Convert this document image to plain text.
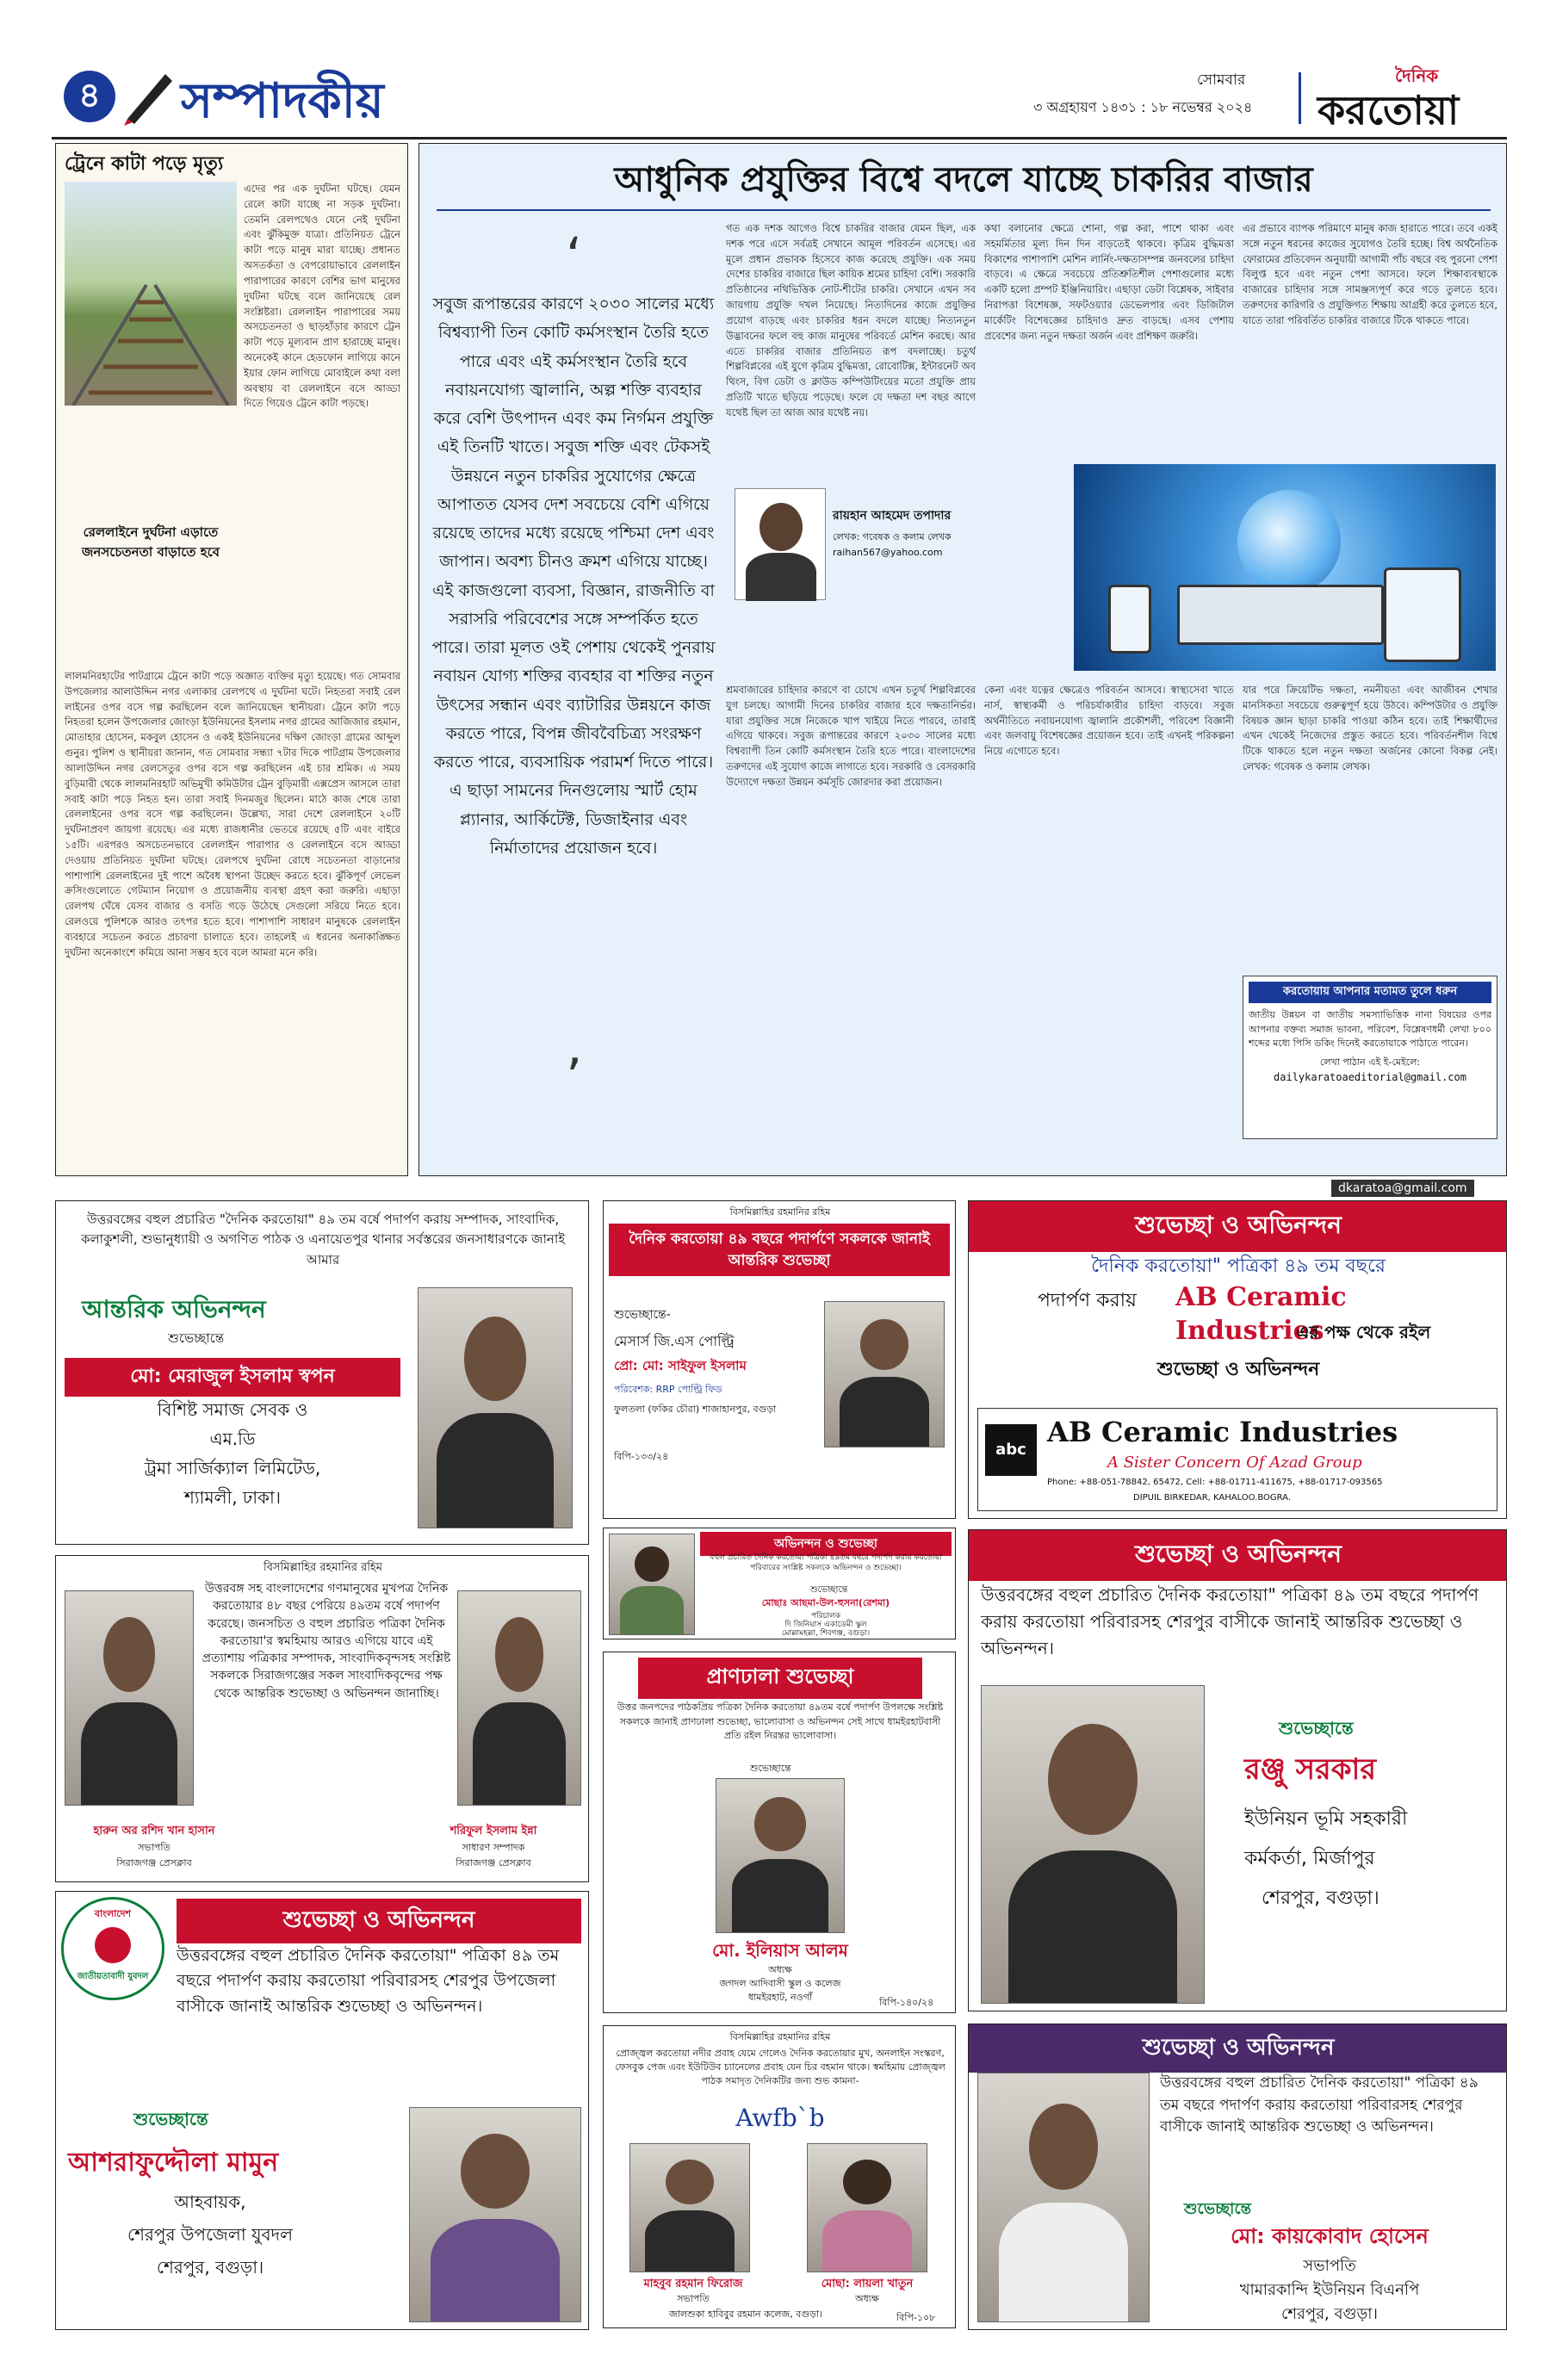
৪	সম্পাদকীয়	সোমবার
৩ অগ্রহায়ণ ১৪৩১ : ১৮ নভেম্বর ২০২৪
দৈনিক
করতোয়া
ট্রেনে কাটা পড়ে মৃত্যু
এদের পর এক দুর্ঘটনা ঘটছে। যেমন রেলে কাটা যাচ্ছে না সড়ক দুর্ঘটনা। তেমনি রেলপথেও যেনে নেই দুর্ঘটনা এবং ঝুঁকিমুক্ত যাত্রা। প্রতিনিয়ত ট্রেনে কাটা পড়ে মানুষ মারা যাচ্ছে। প্রধানত অসতর্কতা ও বেপরোয়াভাবে রেললাইন পারাপারের কারণে বেশির ভাগ মানুষের দুর্ঘটনা ঘটছে বলে জানিয়েছে রেল সংশ্লিষ্টরা। রেললাইন পারাপারের সময় অসচেতনতা ও ছাড়হাঁড়ার কারণে ট্রেন কাটা পড়ে মূল্যবান প্রাণ হারাচ্ছে মানুষ। অনেকেই কানে হেডফোন লাগিয়ে কানে ইয়ার ফোন লাগিয়ে মোবাইলে কথা বলা অবস্থায় বা রেললাইনে বসে আড্ডা দিতে গিয়েও ট্রেনে কাটা পড়ছে।
রেললাইনে দুর্ঘটনা এড়াতে জনসচেতনতা বাড়াতে হবে
লালমনিরহাটের পাটগ্রামে ট্রেনে কাটা পড়ে অজ্ঞাত ব্যক্তির মৃত্যু হয়েছে। গত সোমবার উপজেলার আলাউদ্দিন নগর এলাকার রেলপথে এ দুর্ঘটনা ঘটে। নিহতরা সবাই রেল লাইনের ওপর বসে গল্প করছিলেন বলে জানিয়েছেন স্থানীয়রা। ট্রেনে কাটা পড়ে নিহতরা হলেন উপজেলার জোংড়া ইউনিয়নের ইসলাম নগর গ্রামের আজিজার রহমান, মোতাহার হোসেন, মকবুল হোসেন ও একই ইউনিয়নের দক্ষিণ জোংড়া গ্রামের আব্দুল গুনুর। পুলিশ ও স্থানীয়রা জানান, গত সোমবার সন্ধ্যা ৭টার দিকে পাটগ্রাম উপজেলার আলাউদ্দিন নগর রেলসেতুর ওপর বসে গল্প করছিলেন এই চার শ্রমিক। এ সময় বুড়িমারী থেকে লালমনিরহাট অভিমুখী কমিউটার ট্রেন বুড়িমারী এক্সপ্রেস আসলে তারা সবাই কাটা পড়ে নিহত হন। তারা সবাই দিনমজুর ছিলেন। মাঠে কাজ শেষে তারা রেললাইনের ওপর বসে গল্প করছিলেন। উল্লেখ্য, সারা দেশে রেললাইনে ২০টি দুর্ঘটনাপ্রবণ জায়গা রয়েছে। এর মধ্যে রাজধানীর ভেতরে রয়েছে ৫টি এবং বাইরে ১৫টি। এরপরও অসচেতনভাবে রেললাইন পারাপার ও রেললাইনে বসে আড্ডা দেওয়ায় প্রতিনিয়ত দুর্ঘটনা ঘটছে। রেলপথে দুর্ঘটনা রোধে সচেতনতা বাড়ানোর পাশাপাশি রেললাইনের দুই পাশে অবৈধ স্থাপনা উচ্ছেদ করতে হবে। ঝুঁকিপূর্ণ লেভেল ক্রসিংগুলোতে গেটম্যান নিয়োগ ও প্রয়োজনীয় ব্যবস্থা গ্রহণ করা জরুরি। এছাড়া রেলপথ ঘেঁষে যেসব বাজার ও বসতি গড়ে উঠেছে সেগুলো সরিয়ে নিতে হবে। রেলওয়ে পুলিশকে আরও তৎপর হতে হবে। পাশাপাশি সাধারণ মানুষকে রেললাইন ব্যবহারে সচেতন করতে প্রচারণা চালাতে হবে। তাহলেই এ ধরনের অনাকাঙ্ক্ষিত দুর্ঘটনা অনেকাংশে কমিয়ে আনা সম্ভব হবে বলে আমরা মনে করি।
আধুনিক প্রযুক্তির বিশ্বে বদলে যাচ্ছে চাকরির বাজার
‘
সবুজ রূপান্তরের কারণে ২০৩০ সালের মধ্যে বিশ্বব্যাপী তিন কোটি কর্মসংস্থান তৈরি হতে পারে এবং এই কর্মসংস্থান তৈরি হবে নবায়নযোগ্য জ্বালানি, অল্প শক্তি ব্যবহার করে বেশি উৎপাদন এবং কম নির্গমন প্রযুক্তি এই তিনটি খাতে। সবুজ শক্তি এবং টেকসই উন্নয়নে নতুন চাকরির সুযোগের ক্ষেত্রে আপাতত যেসব দেশ সবচেয়ে বেশি এগিয়ে রয়েছে তাদের মধ্যে রয়েছে পশ্চিমা দেশ এবং জাপান। অবশ্য চীনও ক্রমশ এগিয়ে যাচ্ছে। এই কাজগুলো ব্যবসা, বিজ্ঞান, রাজনীতি বা সরাসরি পরিবেশের সঙ্গে সম্পর্কিত হতে পারে। তারা মূলত ওই পেশায় থেকেই পুনরায় নবায়ন যোগ্য শক্তির ব্যবহার বা শক্তির নতুন উৎসের সন্ধান এবং ব্যাটারির উন্নয়নে কাজ করতে পারে, বিপন্ন জীববৈচিত্র্য সংরক্ষণ করতে পারে, ব্যবসায়িক পরামর্শ দিতে পারে। এ ছাড়া সামনের দিনগুলোয় স্মার্ট হোম প্ল্যানার, আর্কিটেক্ট, ডিজাইনার এবং নির্মাতাদের প্রয়োজন হবে।
’
গত এক দশক আগেও বিশ্বে চাকরির বাজার যেমন ছিল, এক দশক পরে এসে সর্বত্রই সেখানে আমূল পরিবর্তন এসেছে। এর মূলে প্রধান প্রভাবক হিসেবে কাজ করেছে প্রযুক্তি। এক সময় দেশের চাকরির বাজারে ছিল কায়িক শ্রমের চাহিদা বেশি। সরকারি প্রতিষ্ঠানের নথিভিত্তিক নোট-শীটের চাকরি। সেখানে এখন সব জায়গায় প্রযুক্তি দখল নিয়েছে। নিত্যদিনের কাজে প্রযুক্তির প্রয়োগ বাড়ছে এবং চাকরির ধরন বদলে যাচ্ছে। নিত্যনতুন উদ্ভাবনের ফলে বহু কাজ মানুষের পরিবর্তে মেশিন করছে। আর এতে চাকরির বাজার প্রতিনিয়ত রূপ বদলাচ্ছে। চতুর্থ শিল্পবিপ্লবের এই যুগে কৃত্রিম বুদ্ধিমত্তা, রোবোটিক্স, ইন্টারনেট অব থিংস, বিগ ডেটা ও ক্লাউড কম্পিউটিংয়ের মতো প্রযুক্তি প্রায় প্রতিটি খাতে ছড়িয়ে পড়েছে। ফলে যে দক্ষতা দশ বছর আগে যথেষ্ট ছিল তা আজ আর যথেষ্ট নয়।
কথা বলানোর ক্ষেত্রে শোনা, গল্প করা, পাশে থাকা এবং সহমর্মিতার মূল্য দিন দিন বাড়তেই থাকবে। কৃত্রিম বুদ্ধিমত্তা বিকাশের পাশাপাশি মেশিন লার্নিং-দক্ষতাসম্পন্ন জনবলের চাহিদা বাড়বে। এ ক্ষেত্রে সবচেয়ে প্রতিশ্রুতিশীল পেশাগুলোর মধ্যে একটি হলো প্রম্পট ইঞ্জিনিয়ারিং। এছাড়া ডেটা বিশ্লেষক, সাইবার নিরাপত্তা বিশেষজ্ঞ, সফটওয়্যার ডেভেলপার এবং ডিজিটাল মার্কেটিং বিশেষজ্ঞের চাহিদাও দ্রুত বাড়ছে। এসব পেশায় প্রবেশের জন্য নতুন দক্ষতা অর্জন এবং প্রশিক্ষণ জরুরি।
এর প্রভাবে ব্যাপক পরিমাণে মানুষ কাজ হারাতে পারে। তবে একই সঙ্গে নতুন ধরনের কাজের সুযোগও তৈরি হচ্ছে। বিশ্ব অর্থনৈতিক ফোরামের প্রতিবেদন অনুযায়ী আগামী পাঁচ বছরে বহু পুরনো পেশা বিলুপ্ত হবে এবং নতুন পেশা আসবে। ফলে শিক্ষাব্যবস্থাকে বাজারের চাহিদার সঙ্গে সামঞ্জস্যপূর্ণ করে গড়ে তুলতে হবে। তরুণদের কারিগরি ও প্রযুক্তিগত শিক্ষায় আগ্রহী করে তুলতে হবে, যাতে তারা পরিবর্তিত চাকরির বাজারে টিকে থাকতে পারে।
রায়হান আহমেদ তপাদার
লেখক: গবেষক ও কলাম লেখক
raihan567@yahoo.com
শ্রমবাজারের চাহিদার কারণে বা চোখে এখন চতুর্থ শিল্পবিপ্লবের যুগ চলছে। আগামী দিনের চাকরির বাজার হবে দক্ষতানির্ভর। যারা প্রযুক্তির সঙ্গে নিজেকে খাপ খাইয়ে নিতে পারবে, তারাই এগিয়ে থাকবে। সবুজ রূপান্তরের কারণে ২০৩০ সালের মধ্যে বিশ্বব্যাপী তিন কোটি কর্মসংস্থান তৈরি হতে পারে। বাংলাদেশের তরুণদের এই সুযোগ কাজে লাগাতে হবে। সরকারি ও বেসরকারি উদ্যোগে দক্ষতা উন্নয়ন কর্মসূচি জোরদার করা প্রয়োজন।
কেনা এবং যত্নের ক্ষেত্রেও পরিবর্তন আসবে। স্বাস্থ্যসেবা খাতে নার্স, স্বাস্থ্যকর্মী ও পরিচর্যাকারীর চাহিদা বাড়বে। সবুজ অর্থনীতিতে নবায়নযোগ্য জ্বালানি প্রকৌশলী, পরিবেশ বিজ্ঞানী এবং জলবায়ু বিশেষজ্ঞের প্রয়োজন হবে। তাই এখনই পরিকল্পনা নিয়ে এগোতে হবে।
যার পরে ক্রিয়েটিভ দক্ষতা, নমনীয়তা এবং আজীবন শেখার মানসিকতা সবচেয়ে গুরুত্বপূর্ণ হয়ে উঠবে। কম্পিউটার ও প্রযুক্তি বিষয়ক জ্ঞান ছাড়া চাকরি পাওয়া কঠিন হবে। তাই শিক্ষার্থীদের এখন থেকেই নিজেদের প্রস্তুত করতে হবে। পরিবর্তনশীল বিশ্বে টিকে থাকতে হলে নতুন দক্ষতা অর্জনের কোনো বিকল্প নেই। লেখক: গবেষক ও কলাম লেখক।
করতোয়ায় আপনার মতামত তুলে ধরুন
জাতীয় উন্নয়ন বা জাতীয় সমস্যাভিত্তিক নানা বিষয়ের ওপর আপনার বক্তব্য সমাজ ভাবনা, পরিবেশ, বিশ্লেষণধর্মী লেখা ৮০০ শব্দের মধ্যে পিসি ডকিং দিনেই করতোয়াকে পাঠাতে পারেন।
লেখা পাঠান এই ই-মেইলে:
dailykaratoaeditorial@gmail.com
dkaratoa@gmail.com
উত্তরবঙ্গের বহুল প্রচারিত "দৈনিক করতোয়া" ৪৯ তম বর্ষে পদার্পণ করায় সম্পাদক, সাংবাদিক, কলাকুশলী, শুভানুধ্যায়ী ও অগণিত পাঠক ও এনায়েতপুর থানার সর্বস্তরের জনসাধারণকে জানাই আমার
আন্তরিক অভিনন্দন
শুভেচ্ছান্তে
মো: মেরাজুল ইসলাম স্বপন
বিশিষ্ট সমাজ সেবক ও
এম.ডি
ট্রমা সার্জিক্যাল লিমিটেড,
শ্যামলী, ঢাকা।
বিসমিল্লাহির রহমানির রহিম
দৈনিক করতোয়া ৪৯ বছরে পদার্পণে সকলকে জানাই আন্তরিক শুভেচ্ছা
শুভেচ্ছান্তে-
মেসার্স জি.এস পোল্ট্রি
প্রো: মো: সাইফুল ইসলাম
পরিবেশক: RRP পোল্ট্রি ফিড
ফুলতলা (ফকির চৌরা) শাজাহানপুর, বগুড়া
বিপি-১৩৩/২৪
শুভেচ্ছা ও অভিনন্দন
দৈনিক করতোয়া" পত্রিকা ৪৯ তম বছরে
পদার্পণ করায় AB Ceramic Industries
এর পক্ষ থেকে রইল
শুভেচ্ছা ও অভিনন্দন
abc
AB Ceramic Industries
A Sister Concern Of Azad Group
Phone: +88-051-78842, 65472, Cell: +88-01711-411675, +88-01717-093565
DIPUIL BIRKEDAR, KAHALOO.BOGRA.
অভিনন্দন ও শুভেচ্ছা
বহুল প্রচারিত দৈনিক করতোয়া পত্রিকা ৪৯তম বছরে পদার্পণ করায় করতোয়া পরিবারের সংশ্লিষ্ট সকলকে অভিনন্দন ও শুভেচ্ছা।
শুভেচ্ছান্তে
মোছাঃ আছমা-উল-হুসনা(রেশমা)
পরিচালক
দি জিনিয়াস একাডেমী স্কুল
মোল্লামহল্লা, শিবগঞ্জ, বগুড়া।
বিসমিল্লাহির রহমানির রহিম
উত্তরবঙ্গ সহ বাংলাদেশের গণমানুষের মুখপত্র দৈনিক করতোয়ার ৪৮ বছর পেরিয়ে ৪৯তম বর্ষে পদার্পণ করেছে। জনসচিত ও বহুল প্রচারিত পত্রিকা দৈনিক করতোয়া'র স্বমহিমায় আরও এগিয়ে যাবে এই প্রত্যাশায় পত্রিকার সম্পাদক, সাংবাদিকবৃন্দসহ সংশ্লিষ্ট সকলকে সিরাজগঞ্জের সকল সাংবাদিকবৃন্দের পক্ষ থেকে আন্তরিক শুভেচ্ছা ও অভিনন্দন জানাচ্ছি।
হারুন অর রশিদ খান হাসান
সভাপতি
সিরাজগঞ্জ প্রেসক্লাব
শরিফুল ইসলাম ইন্না
সাধারণ সম্পাদক
সিরাজগঞ্জ প্রেসক্লাব
প্রাণঢালা শুভেচ্ছা
উত্তর জনপদের পাঠকপ্রিয় পত্রিকা দৈনিক করতোয়া ৪৯তম বর্ষে পদার্পণ উপলক্ষে সংশ্লিষ্ট সকলকে জানাই প্রাণঢালা শুভেচ্ছা, ভালোবাসা ও অভিনন্দন সেই সাথে ধামইরহাটবাসী প্রতি রইল নিরন্তর ভালোবাসা।
শুভেচ্ছান্তে
মো. ইলিয়াস আলম
অধ্যক্ষ
জগদল আদিবাসী স্কুল ও কলেজ
ধামইরহাট, নওগাঁ	বিপি-১৪০/২৪
শুভেচ্ছা ও অভিনন্দন
উত্তরবঙ্গের বহুল প্রচারিত দৈনিক করতোয়া" পত্রিকা ৪৯ তম বছরে পদার্পণ করায় করতোয়া পরিবারসহ শেরপুর বাসীকে জানাই আন্তরিক শুভেচ্ছা ও অভিনন্দন।
শুভেচ্ছান্তে
রঞ্জু সরকার
ইউনিয়ন ভূমি সহকারী
কর্মকর্তা, মির্জাপুর
শেরপুর, বগুড়া।
বাংলাদেশ
জাতীয়তাবাদী যুবদল
শুভেচ্ছা ও অভিনন্দন
উত্তরবঙ্গের বহুল প্রচারিত দৈনিক করতোয়া" পত্রিকা ৪৯ তম বছরে পদার্পণ করায় করতোয়া পরিবারসহ শেরপুর উপজেলা বাসীকে জানাই আন্তরিক শুভেচ্ছা ও অভিনন্দন।
শুভেচ্ছান্তে
আশরাফুদ্দৌলা মামুন
আহবায়ক,
শেরপুর উপজেলা যুবদল
শেরপুর, বগুড়া।
বিসমিল্লাহির রহমানির রহিম
প্রোজ্জ্বল করতোয়া নদীর প্রবাহ যেমে গেলেও দৈনিক করতোয়ার মুখ, অনলাইন সংস্করণ, ফেসবুক পেজ এবং ইউটিউব চ্যানেলের প্রবাহ যেন চির বহমান থাকে। স্বমহিমায় প্রোজ্জ্বল পাঠক সমাদৃত দৈনিকটির জন্য শুভ কামনা-
Awfb`b
মাহবুব রহমান ফিরোজ
সভাপতি
মোছা: লায়লা খাতুন
অধ্যক্ষ
জালশুকা হাবিবুর রহমান কলেজ, বগুড়া।	বিপি-১০৮
শুভেচ্ছা ও অভিনন্দন
উত্তরবঙ্গের বহুল প্রচারিত দৈনিক করতোয়া" পত্রিকা ৪৯ তম বছরে পদার্পণ করায় করতোয়া পরিবারসহ শেরপুর বাসীকে জানাই আন্তরিক শুভেচ্ছা ও অভিনন্দন।
শুভেচ্ছান্তে
মো: কায়কোবাদ হোসেন
সভাপতি
খামারকান্দি ইউনিয়ন বিএনপি
শেরপুর, বগুড়া।
